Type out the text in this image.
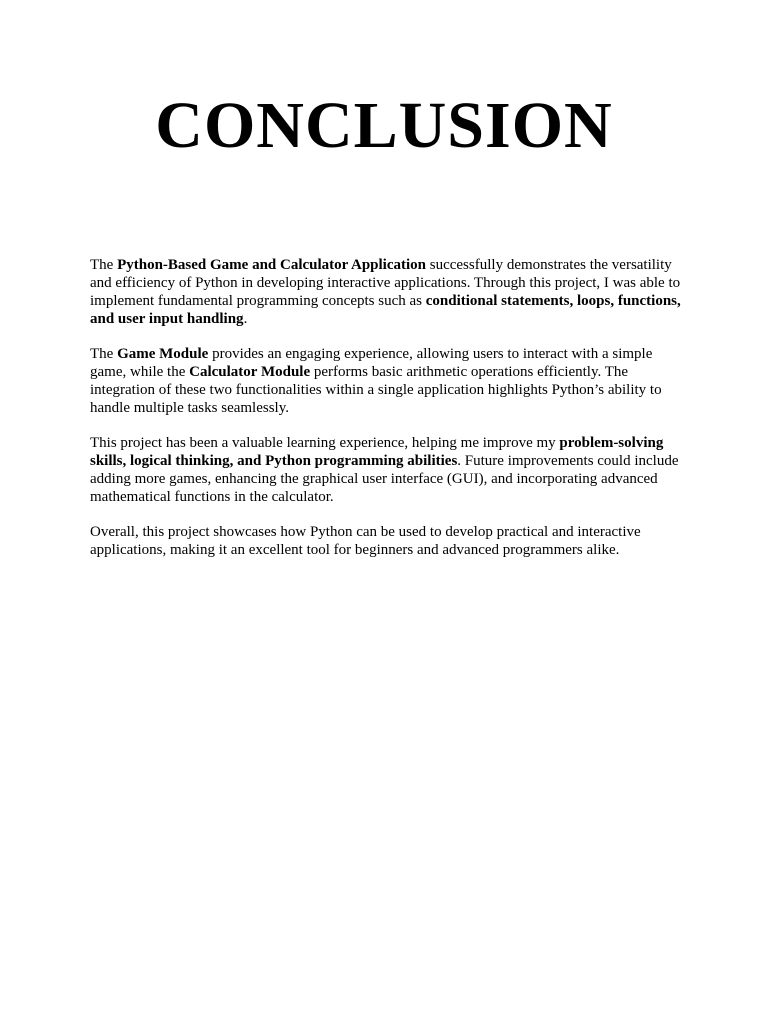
CONCLUSION

The Python-Based Game and Calculator Application successfully demonstrates the versatility and efficiency of Python in developing interactive applications. Through this project, I was able to implement fundamental programming concepts such as conditional statements, loops, functions, and user input handling.

The Game Module provides an engaging experience, allowing users to interact with a simple game, while the Calculator Module performs basic arithmetic operations efficiently. The integration of these two functionalities within a single application highlights Python’s ability to handle multiple tasks seamlessly.

This project has been a valuable learning experience, helping me improve my problem-solving skills, logical thinking, and Python programming abilities. Future improvements could include adding more games, enhancing the graphical user interface (GUI), and incorporating advanced mathematical functions in the calculator.

Overall, this project showcases how Python can be used to develop practical and interactive applications, making it an excellent tool for beginners and advanced programmers alike.
